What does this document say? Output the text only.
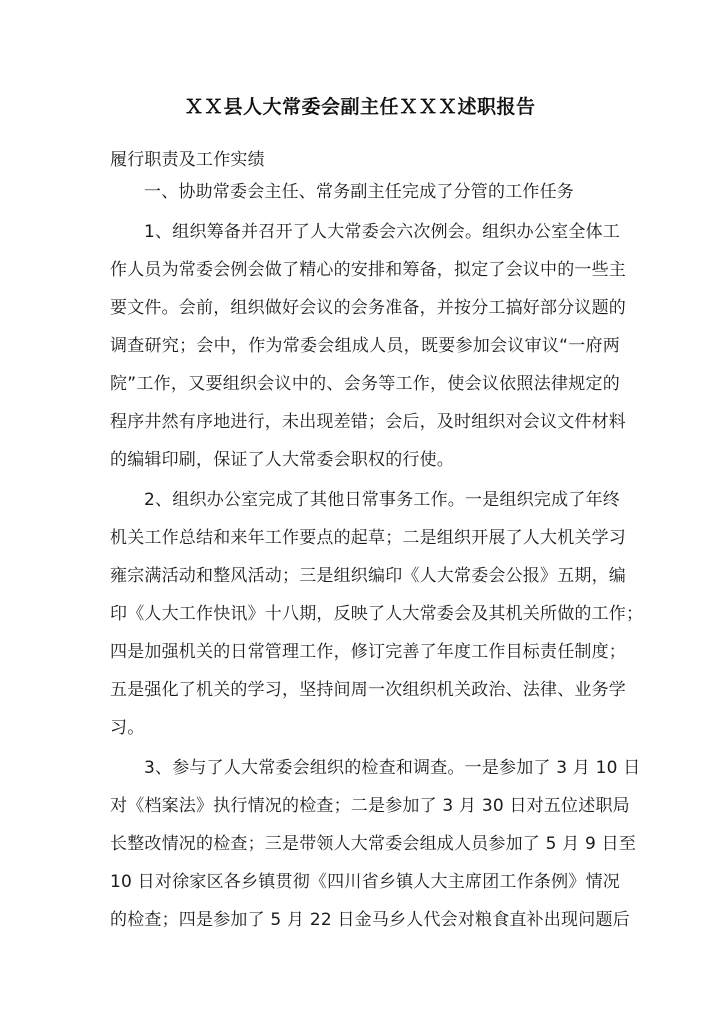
ＸＸ县人大常委会副主任ＸＸＸ述职报告
履行职责及工作实绩
一、协助常委会主任、常务副主任完成了分管的工作任务
1、组织筹备并召开了人大常委会六次例会。组织办公室全体工
作人员为常委会例会做了精心的安排和筹备，拟定了会议中的一些主
要文件。会前，组织做好会议的会务准备，并按分工搞好部分议题的
调查研究；会中，作为常委会组成人员，既要参加会议审议“一府两
院”工作，又要组织会议中的、会务等工作，使会议依照法律规定的
程序井然有序地进行，未出现差错；会后，及时组织对会议文件材料
的编辑印刷，保证了人大常委会职权的行使。
2、组织办公室完成了其他日常事务工作。一是组织完成了年终
机关工作总结和来年工作要点的起草；二是组织开展了人大机关学习
雍宗满活动和整风活动；三是组织编印《人大常委会公报》五期，编
印《人大工作快讯》十八期，反映了人大常委会及其机关所做的工作；
四是加强机关的日常管理工作，修订完善了年度工作目标责任制度；
五是强化了机关的学习，坚持间周一次组织机关政治、法律、业务学
习。
3、参与了人大常委会组织的检查和调查。一是参加了 3 月 10 日
对《档案法》执行情况的检查；二是参加了 3 月 30 日对五位述职局
长整改情况的检查；三是带领人大常委会组成人员参加了 5 月 9 日至
10 日对徐家区各乡镇贯彻《四川省乡镇人大主席团工作条例》情况
的检查；四是参加了 5 月 22 日金马乡人代会对粮食直补出现问题后
